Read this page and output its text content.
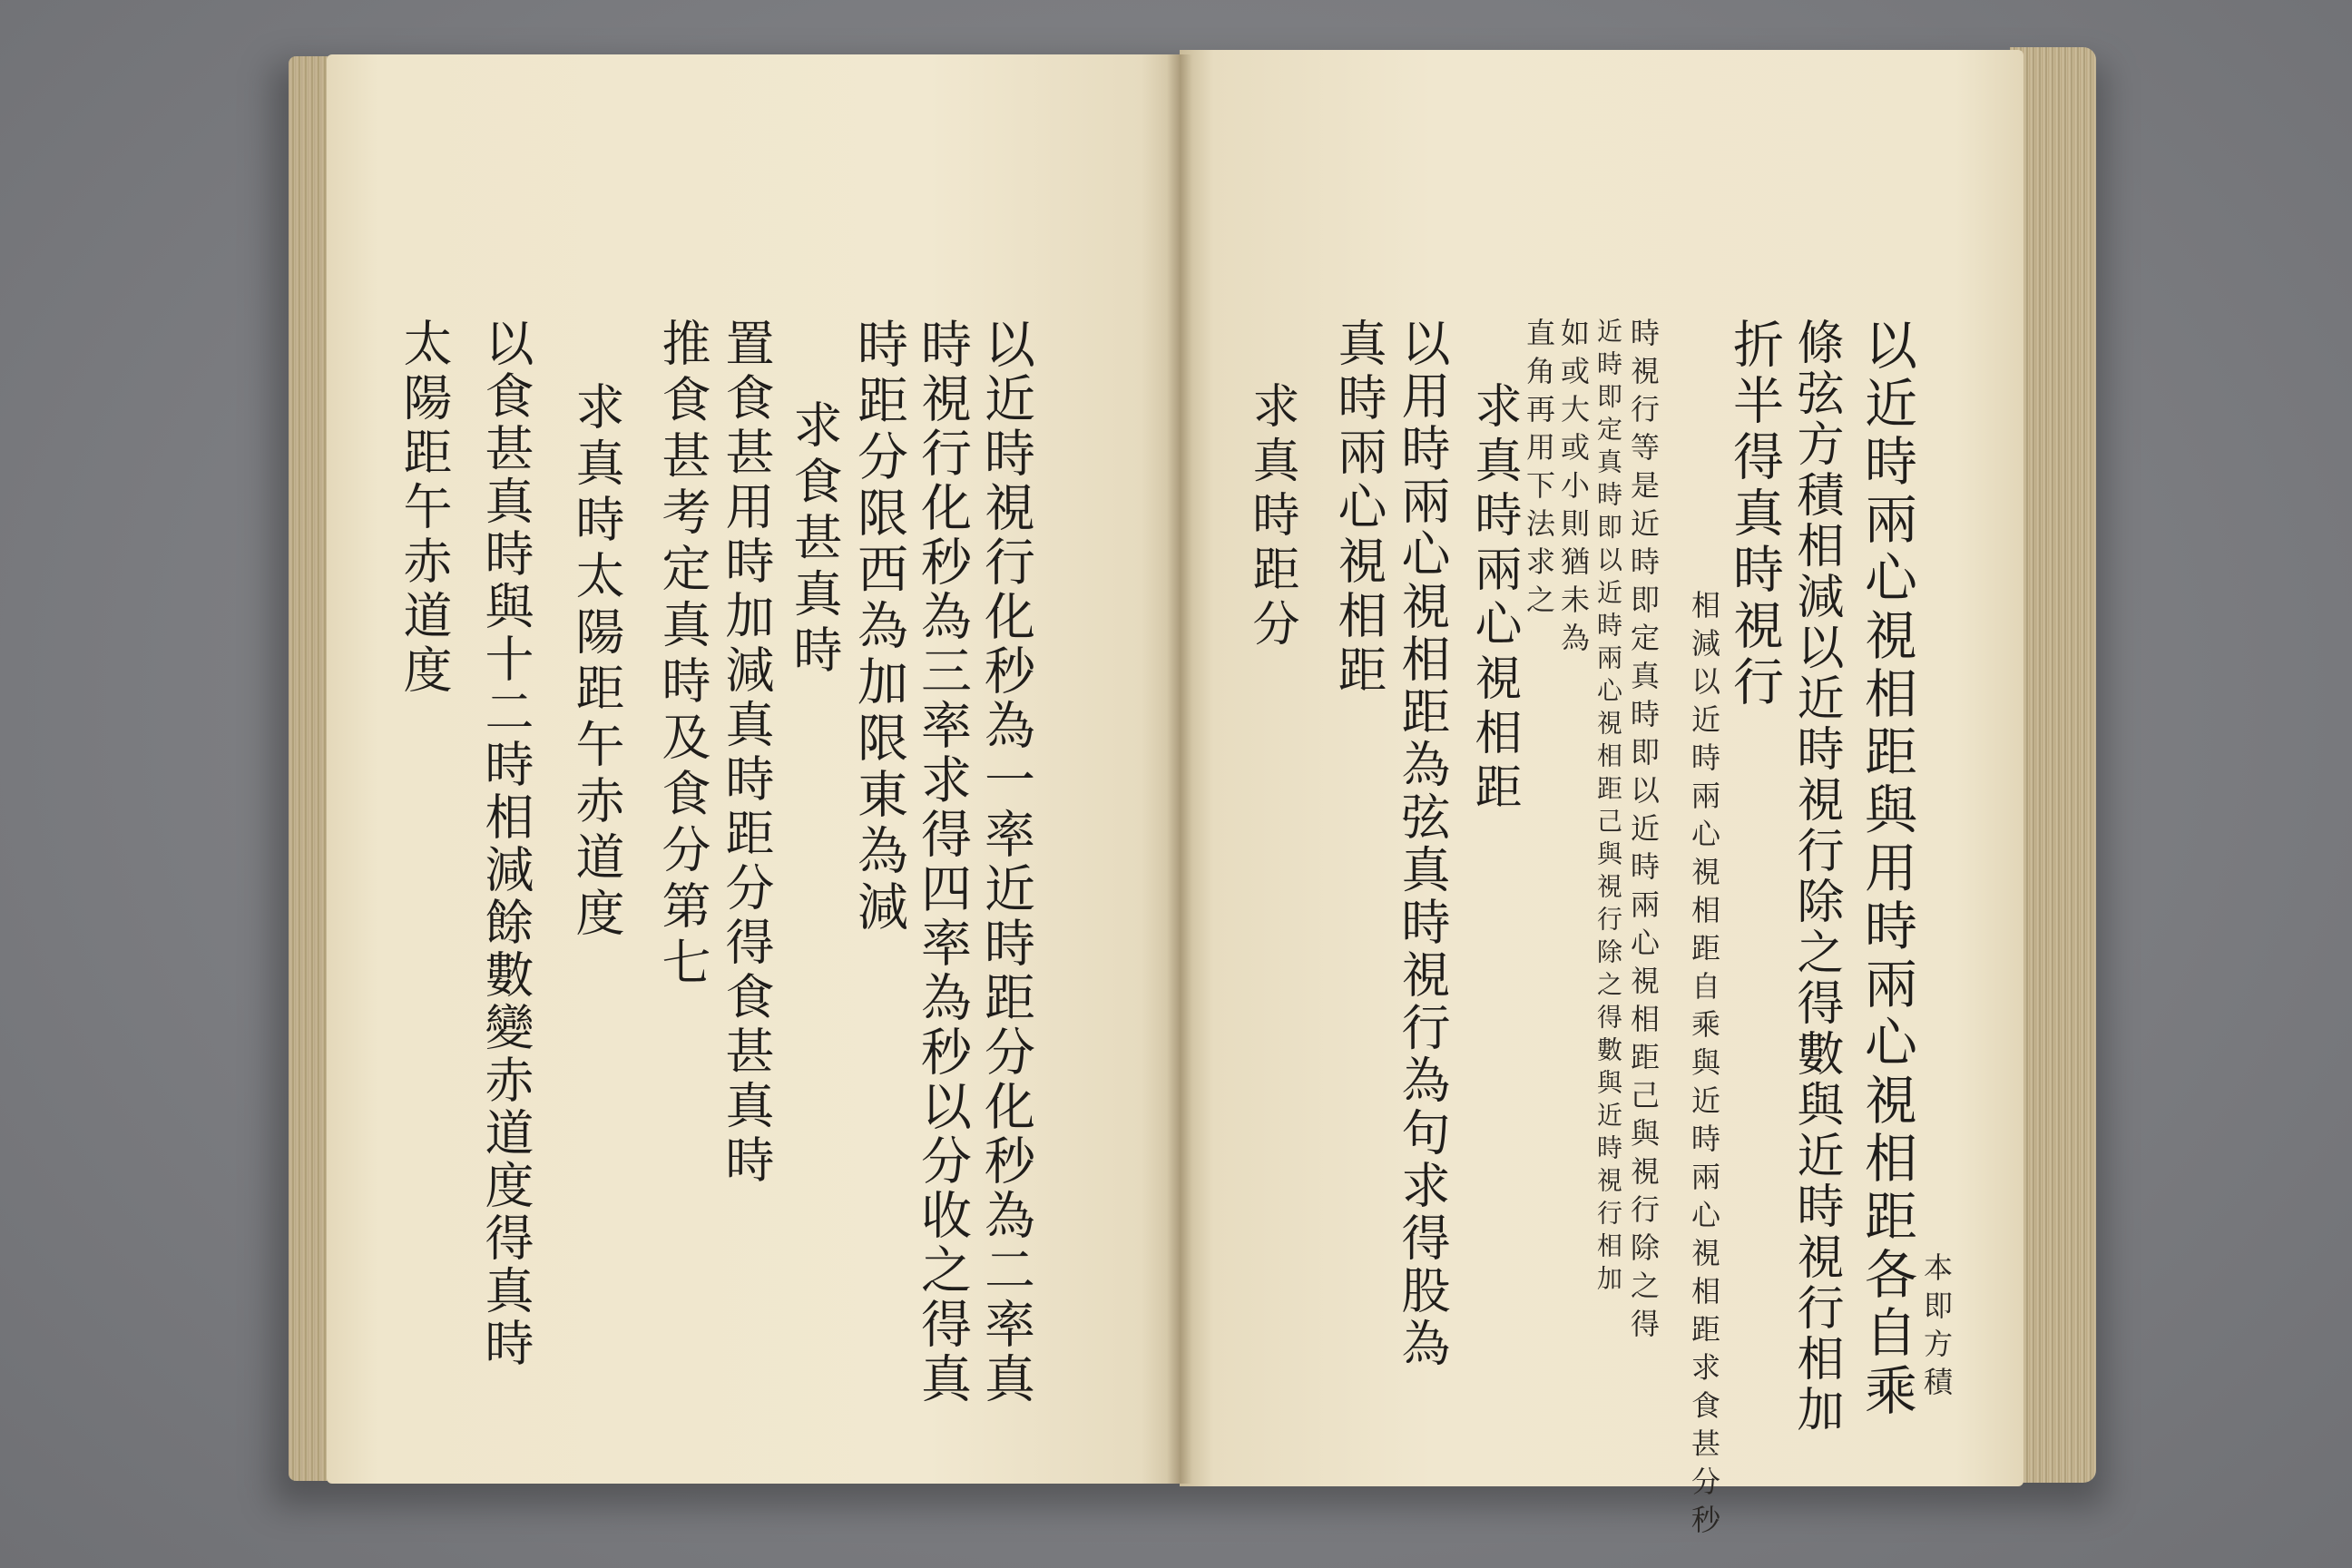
以近時兩心視相距與用時兩心視相距各自乘 本即方積
條弦方積相減以近時視行除之得數與近時視行相加
折半得真時視行
相減以近時兩心視相距自乘與近時兩心視相距求食甚分秒
時視行等是近時即定真時即以近時兩心視相距己與視行除之得
近時即定真時即以近時兩心視相距己與視行除之得數與近時視行相加
如或大或小則猶未為
直角再用下法求之
求真時兩心視相距
以用時兩心視相距為弦真時視行為句求得股為
真時兩心視相距
求真時距分
以近時視行化秒為一率近時距分化秒為二率真
時視行化秒為三率求得四率為秒以分收之得真
時距分限西為加限東為減
求食甚真時
置食甚用時加減真時距分得食甚真時
推食甚考定真時及食分第七
求真時太陽距午赤道度
以食甚真時與十二時相減餘數變赤道度得真時
太陽距午赤道度
